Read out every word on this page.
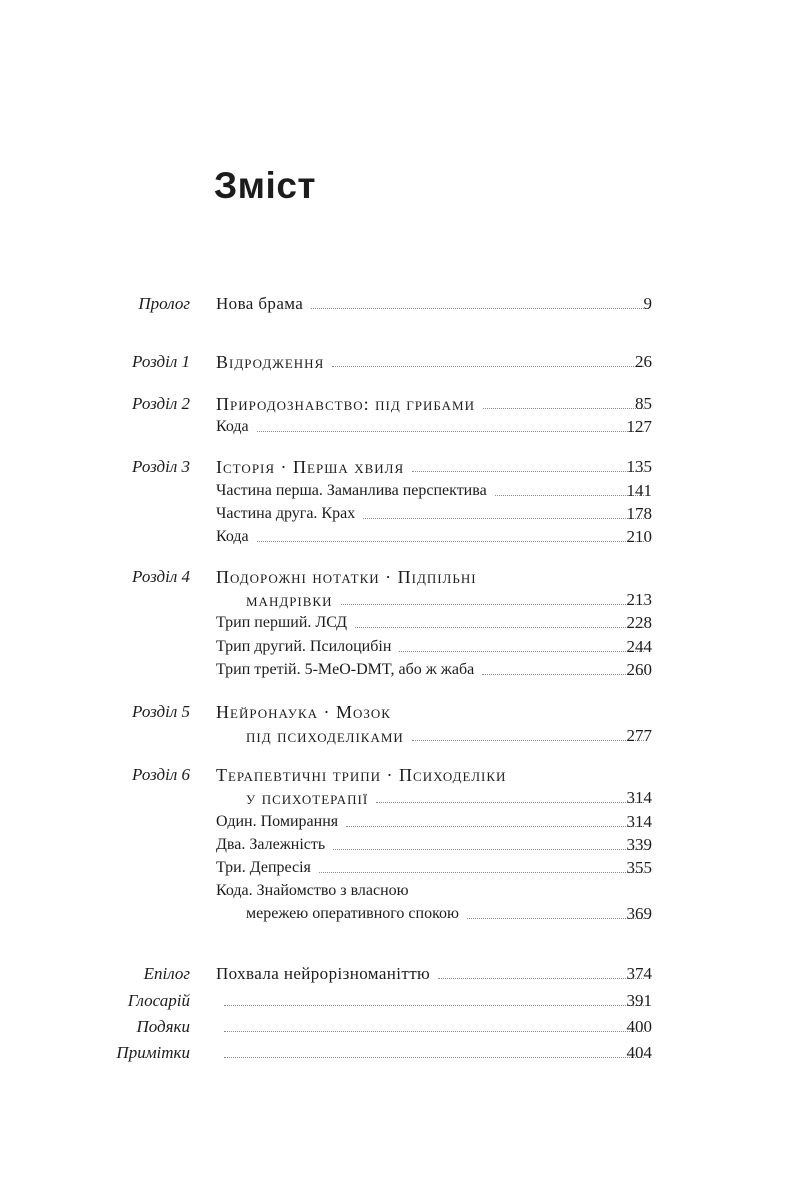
Зміст
Пролог Нова брама	9
Розділ 1 Відродження	26
Розділ 2 Природознавство: під грибами	85
Кода	127
Розділ 3 Історія · Перша хвиля	135
Частина перша. Заманлива перспектива	141
Частина друга. Крах	178
Кода	210
Розділ 4 Подорожні нотатки · Підпільні
мандрівки	213
Трип перший. ЛСД	228
Трип другий. Псилоцибін	244
Трип третій. 5-MeO-DMT, або ж жаба	260
Розділ 5 Нейронаука · Мозок
під психоделіками	277
Розділ 6 Терапевтичні трипи · Психоделіки
у психотерапії	314
Один. Помирання	314
Два. Залежність	339
Три. Депресія	355
Кода. Знайомство з власною
мережею оперативного спокою	369
Епілог Похвала нейрорізноманіттю	374
Глосарій	391
Подяки	400
Примітки	404
